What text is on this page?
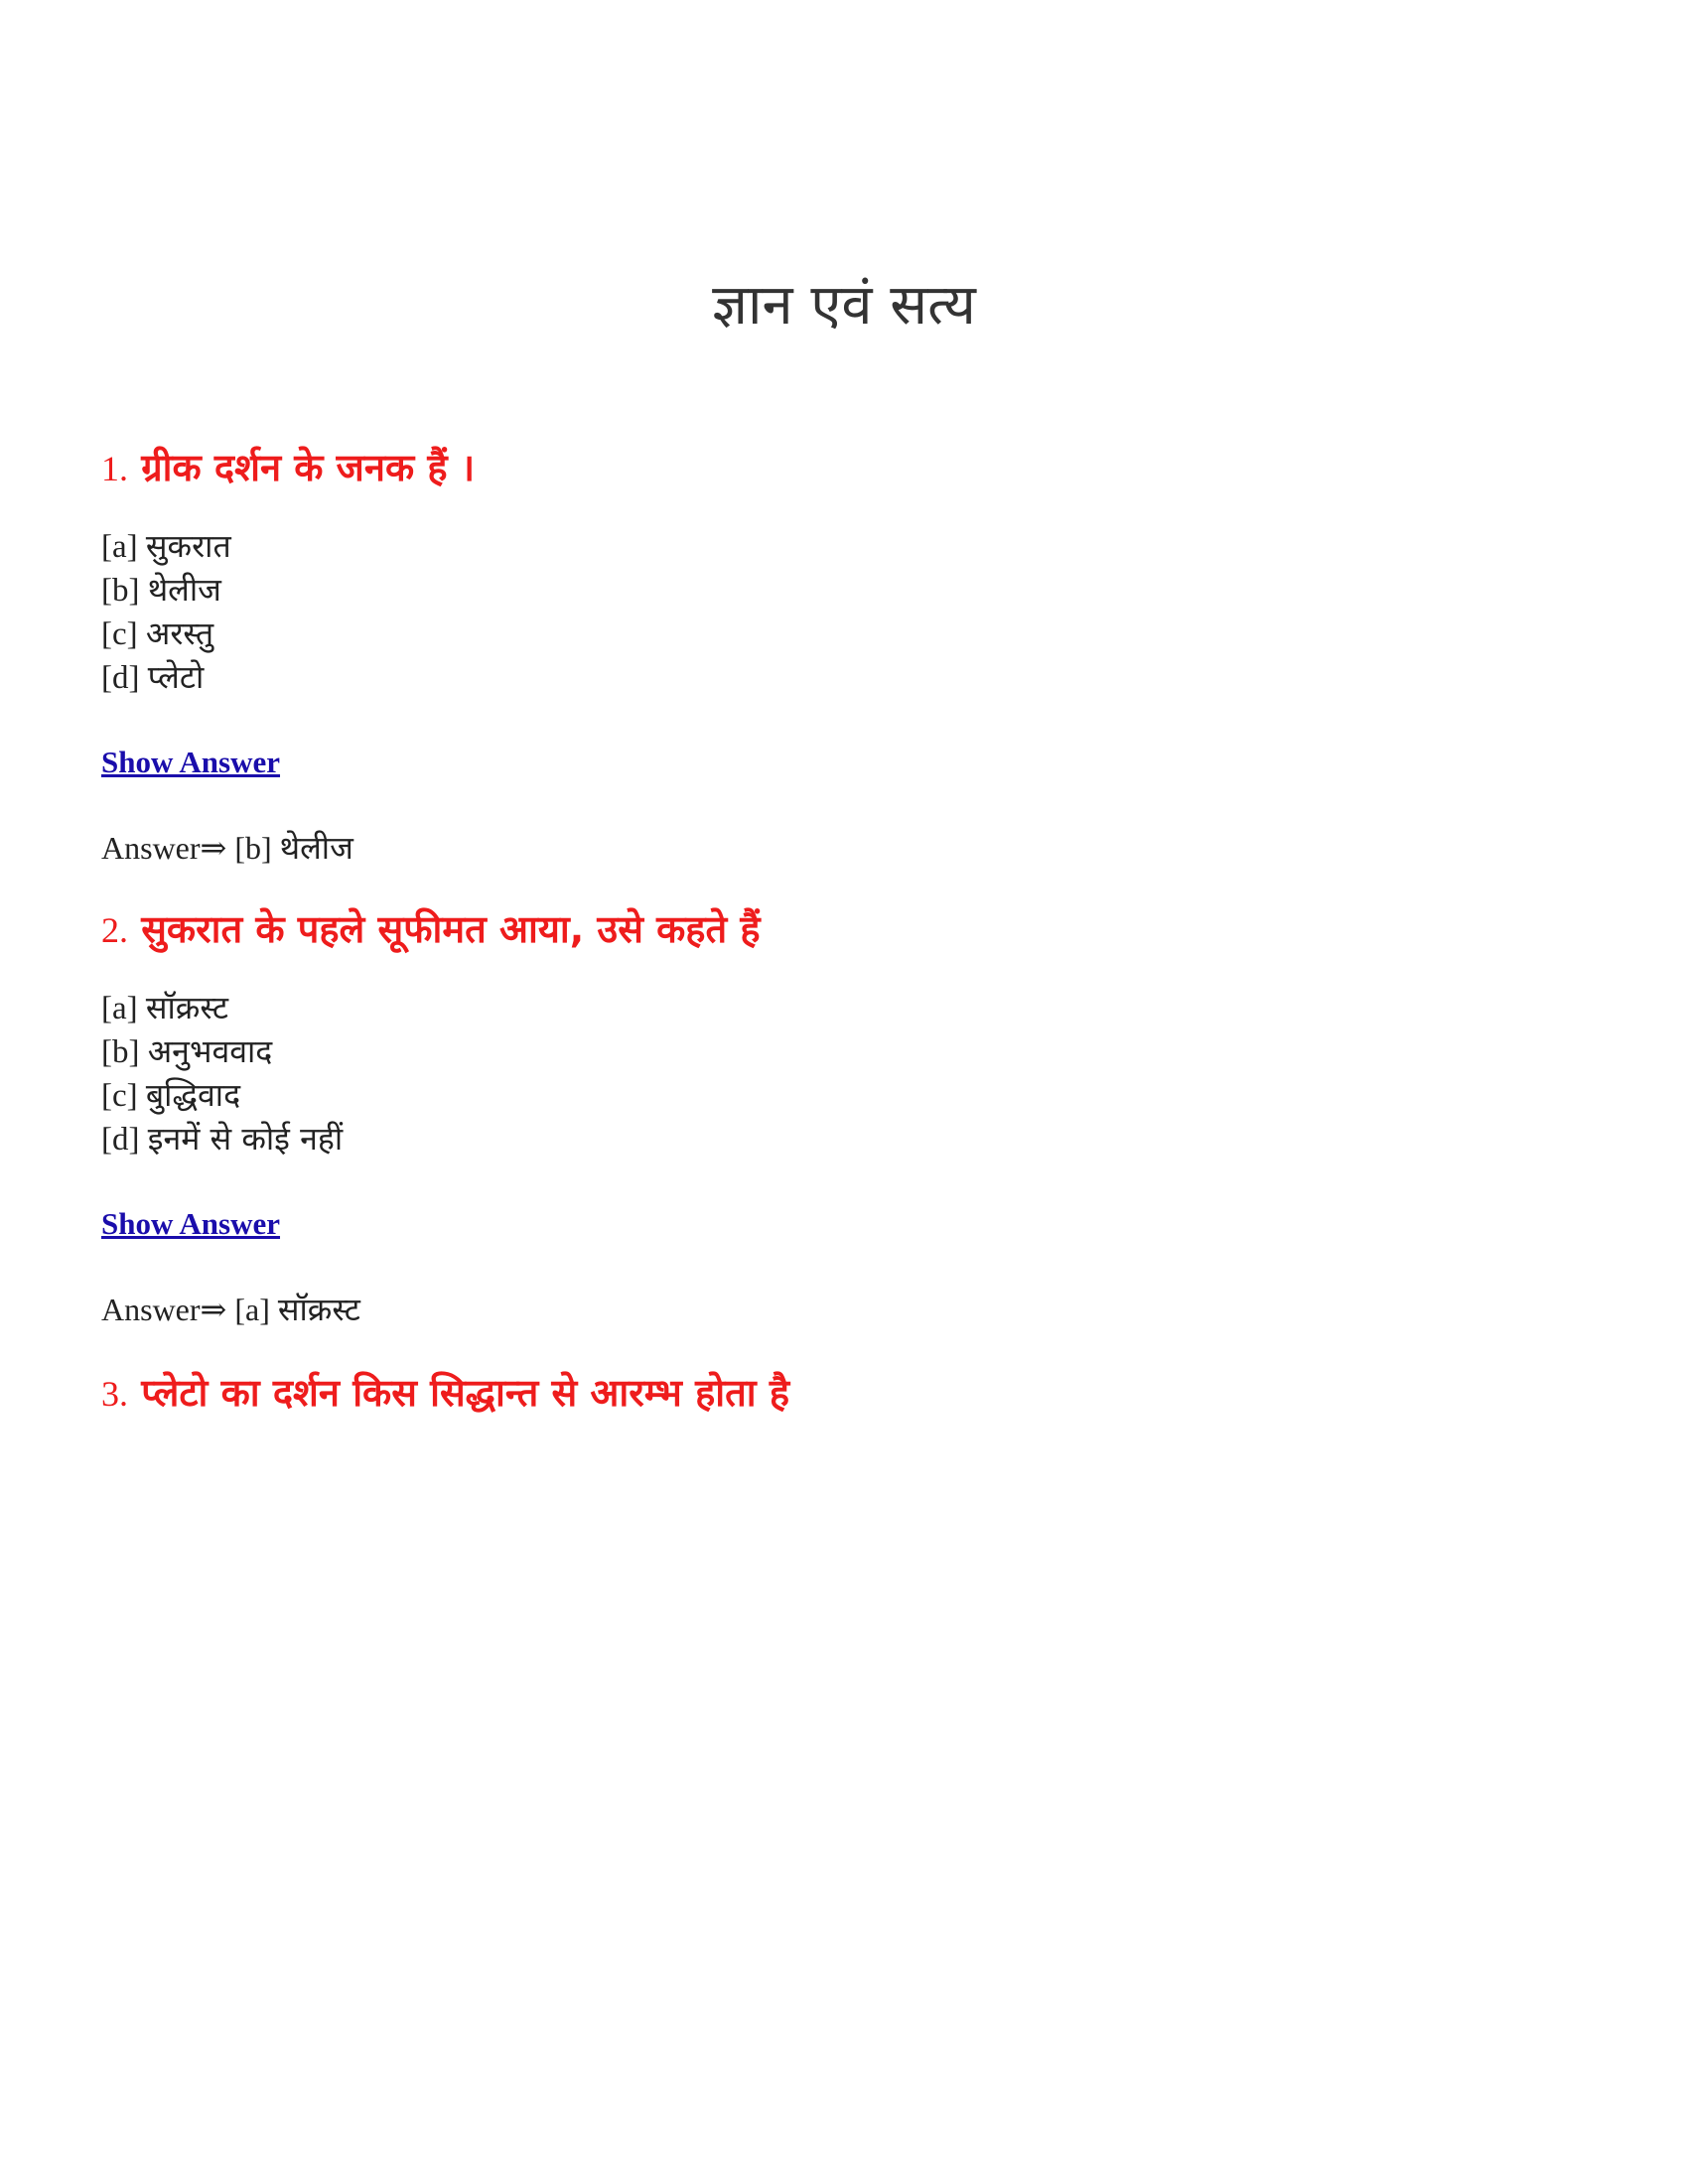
ज्ञान एवं सत्य
1. ग्रीक दर्शन के जनक हैं ।
[a] सुकरात
[b] थेलीज
[c] अरस्तु
[d] प्लेटो
Show Answer
Answer⇒ [b] थेलीज
2. सुकरात के पहले सूफीमत आया, उसे कहते हैं
[a] सॉक्रस्ट
[b] अनुभववाद
[c] बुद्धिवाद
[d] इनमें से कोई नहीं
Show Answer
Answer⇒ [a] सॉक्रस्ट
3. प्लेटो का दर्शन किस सिद्धान्त से आरम्भ होता है
